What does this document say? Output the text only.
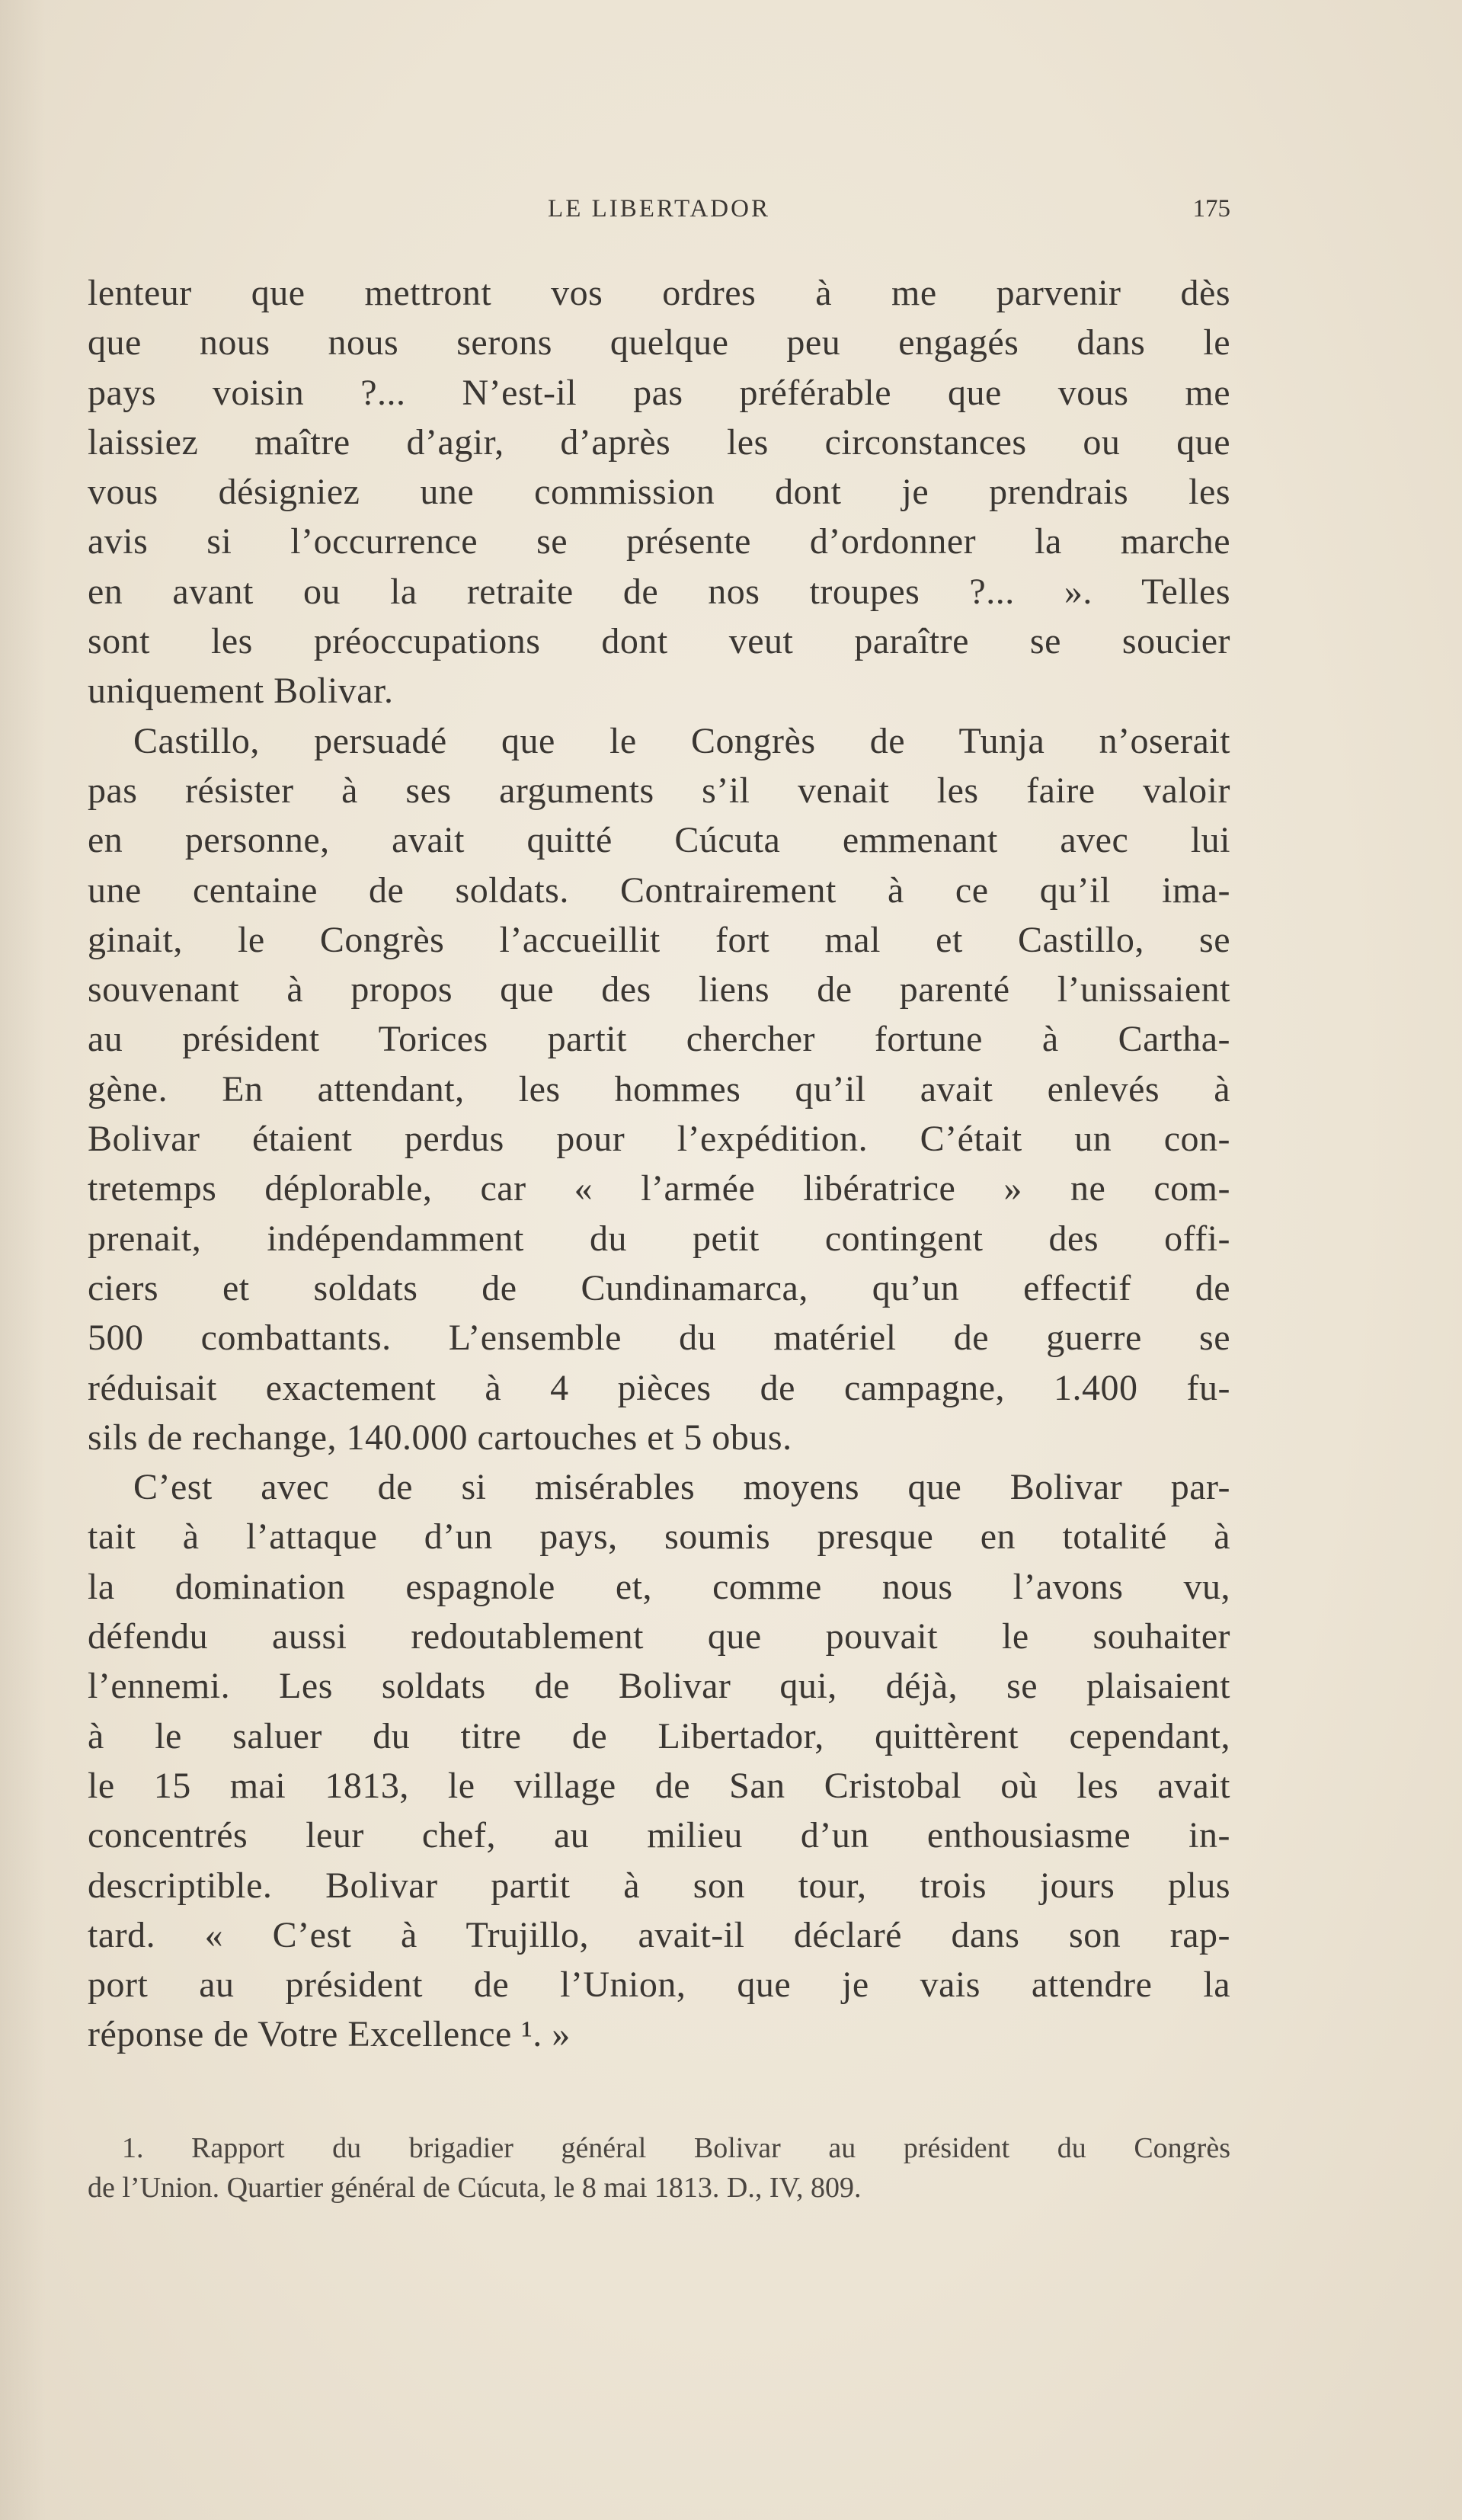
LE LIBERTADOR	175
lenteur que mettront vos ordres à me parvenir dès
que nous nous serons quelque peu engagés dans le
pays voisin ?... N’est-il pas préférable que vous me
laissiez maître d’agir, d’après les circonstances ou que
vous désigniez une commission dont je prendrais les
avis si l’occurrence se présente d’ordonner la marche
en avant ou la retraite de nos troupes ?... ». Telles
sont les préoccupations dont veut paraître se soucier
uniquement Bolivar.
Castillo, persuadé que le Congrès de Tunja n’oserait
pas résister à ses arguments s’il venait les faire valoir
en personne, avait quitté Cúcuta emmenant avec lui
une centaine de soldats. Contrairement à ce qu’il ima-
ginait, le Congrès l’accueillit fort mal et Castillo, se
souvenant à propos que des liens de parenté l’unissaient
au président Torices partit chercher fortune à Cartha-
gène. En attendant, les hommes qu’il avait enlevés à
Bolivar étaient perdus pour l’expédition. C’était un con-
tretemps déplorable, car « l’armée libératrice » ne com-
prenait, indépendamment du petit contingent des offi-
ciers et soldats de Cundinamarca, qu’un effectif de
500 combattants. L’ensemble du matériel de guerre se
réduisait exactement à 4 pièces de campagne, 1.400 fu-
sils de rechange, 140.000 cartouches et 5 obus.
C’est avec de si misérables moyens que Bolivar par-
tait à l’attaque d’un pays, soumis presque en totalité à
la domination espagnole et, comme nous l’avons vu,
défendu aussi redoutablement que pouvait le souhaiter
l’ennemi. Les soldats de Bolivar qui, déjà, se plaisaient
à le saluer du titre de Libertador, quittèrent cependant,
le 15 mai 1813, le village de San Cristobal où les avait
concentrés leur chef, au milieu d’un enthousiasme in-
descriptible. Bolivar partit à son tour, trois jours plus
tard. « C’est à Trujillo, avait-il déclaré dans son rap-
port au président de l’Union, que je vais attendre la
réponse de Votre Excellence ¹. »
1. Rapport du brigadier général Bolivar au président du Congrès
de l’Union. Quartier général de Cúcuta, le 8 mai 1813. D., IV, 809.
